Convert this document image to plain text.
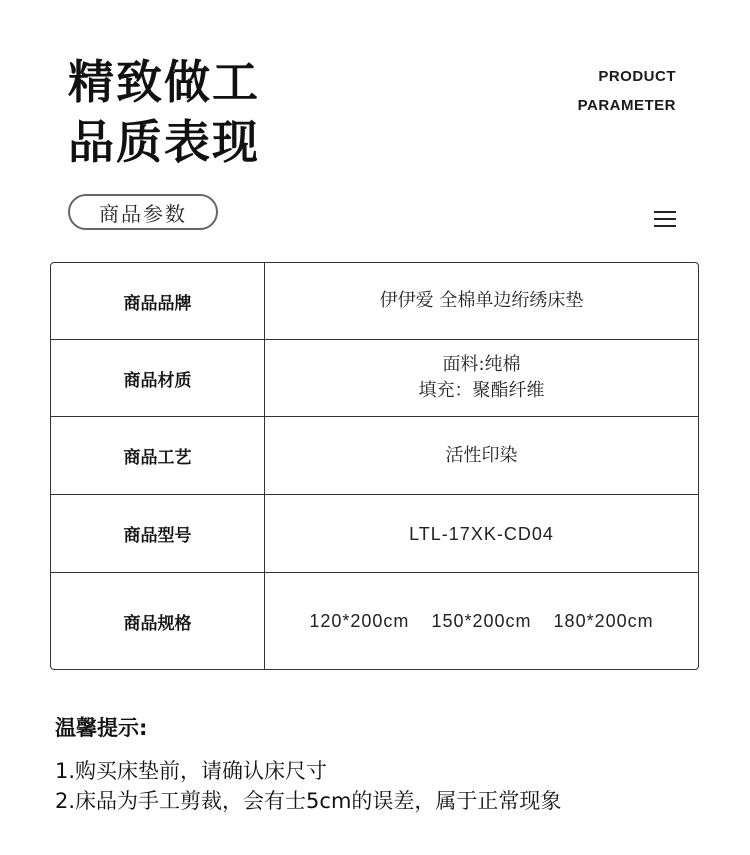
精致做工
品质表现
PRODUCT
PARAMETER
商品参数
商品品牌	伊伊爱 全棉单边绗绣床垫
商品材质	面料:纯棉
填充：聚酯纤维

商品工艺	活性印染
商品型号	LTL-17XK-CD04
商品规格	120*200cm 150*200cm 180*200cm
温馨提示:
1.购买床垫前，请确认床尺寸
2.床品为手工剪裁，会有士5cm的误差，属于正常现象
